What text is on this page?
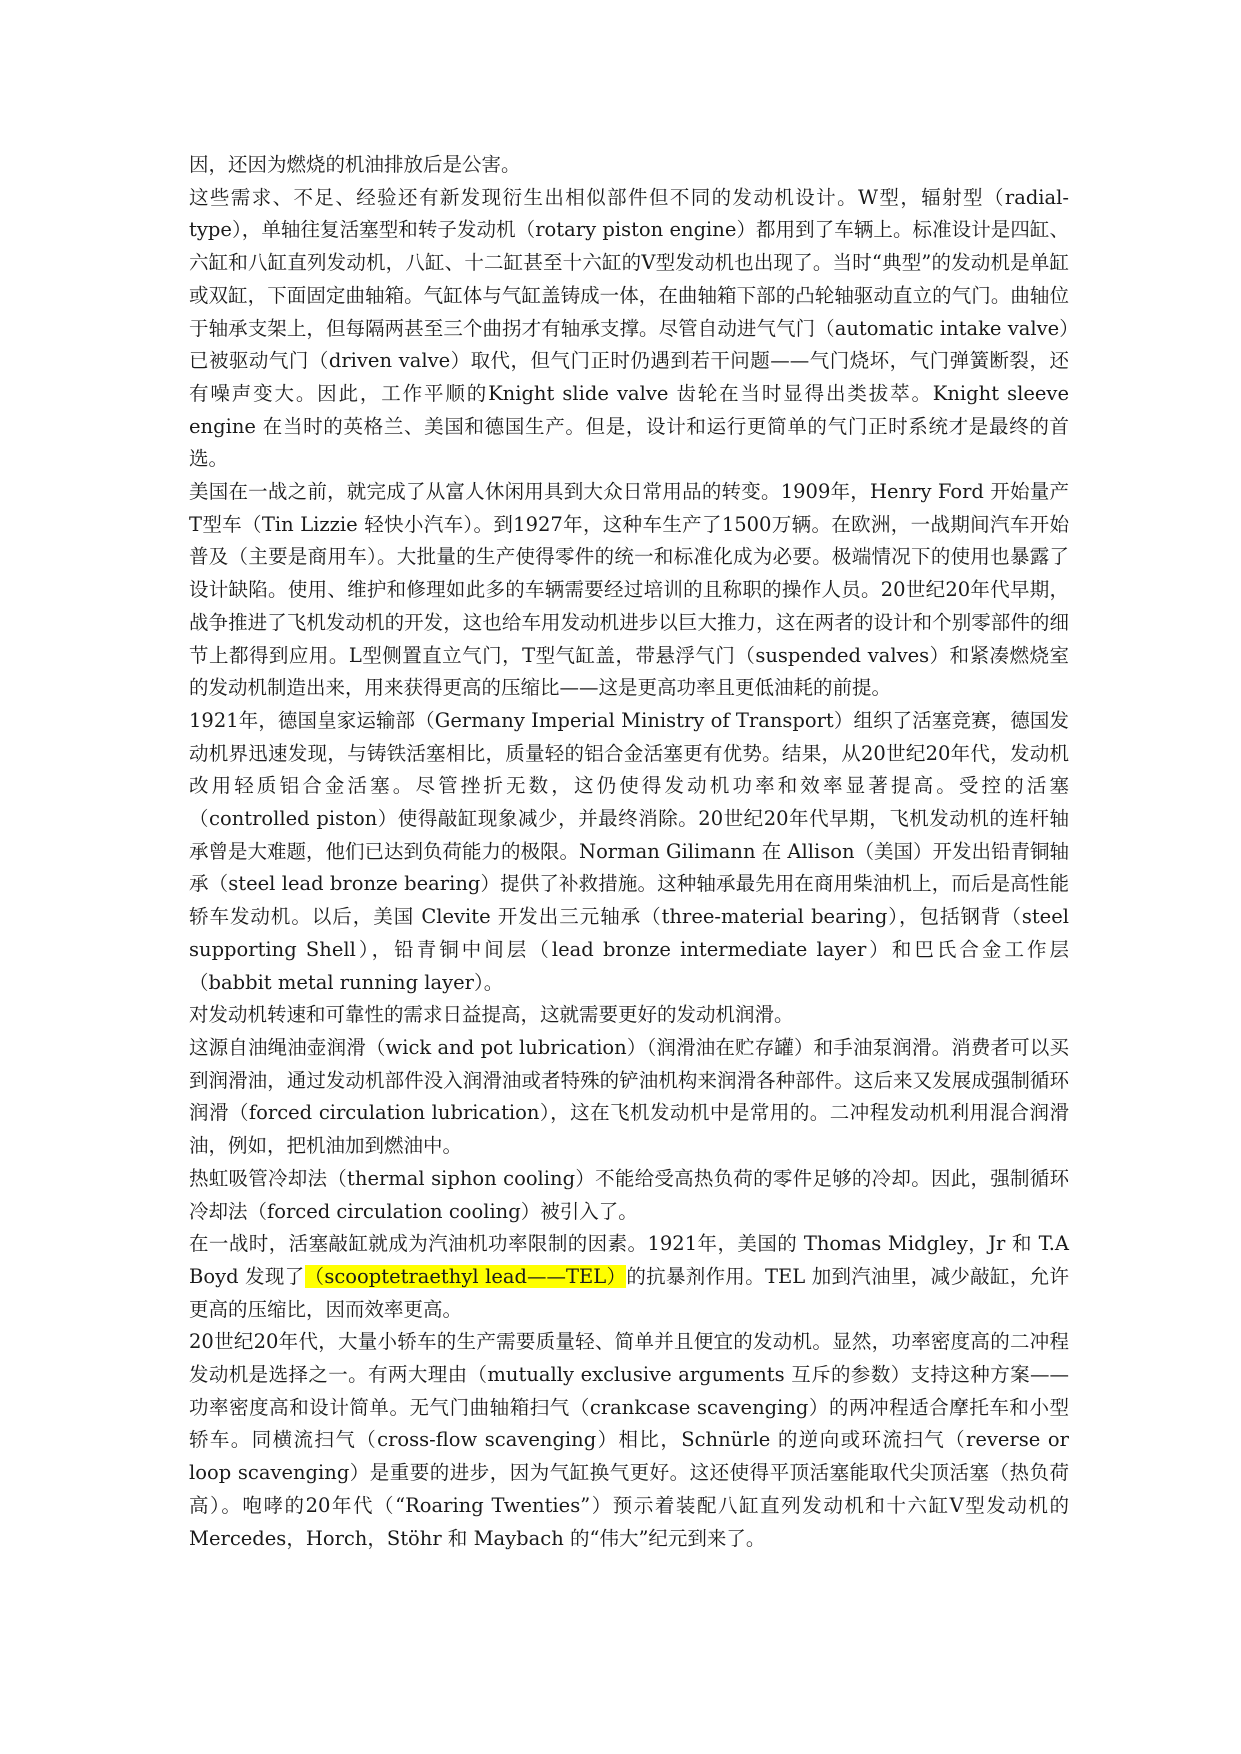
因，还因为燃烧的机油排放后是公害。

这些需求、不足、经验还有新发现衍生出相似部件但不同的发动机设计。W型，辐射型（radial-type），单轴往复活塞型和转子发动机（rotary piston engine）都用到了车辆上。标准设计是四缸、六缸和八缸直列发动机，八缸、十二缸甚至十六缸的V型发动机也出现了。当时“典型”的发动机是单缸或双缸，下面固定曲轴箱。气缸体与气缸盖铸成一体，在曲轴箱下部的凸轮轴驱动直立的气门。曲轴位于轴承支架上，但每隔两甚至三个曲拐才有轴承支撑。尽管自动进气气门（automatic intake valve）已被驱动气门（driven valve）取代，但气门正时仍遇到若干问题——气门烧坏，气门弹簧断裂，还有噪声变大。因此，工作平顺的Knight slide valve 齿轮在当时显得出类拔萃。Knight sleeve engine 在当时的英格兰、美国和德国生产。但是，设计和运行更简单的气门正时系统才是最终的首选。

美国在一战之前，就完成了从富人休闲用具到大众日常用品的转变。1909年，Henry Ford 开始量产T型车（Tin Lizzie 轻快小汽车）。到1927年，这种车生产了1500万辆。在欧洲，一战期间汽车开始普及（主要是商用车）。大批量的生产使得零件的统一和标准化成为必要。极端情况下的使用也暴露了设计缺陷。使用、维护和修理如此多的车辆需要经过培训的且称职的操作人员。20世纪20年代早期，战争推进了飞机发动机的开发，这也给车用发动机进步以巨大推力，这在两者的设计和个别零部件的细节上都得到应用。L型侧置直立气门，T型气缸盖，带悬浮气门（suspended valves）和紧凑燃烧室的发动机制造出来，用来获得更高的压缩比——这是更高功率且更低油耗的前提。

1921年，德国皇家运输部（Germany Imperial Ministry of Transport）组织了活塞竞赛，德国发动机界迅速发现，与铸铁活塞相比，质量轻的铝合金活塞更有优势。结果，从20世纪20年代，发动机改用轻质铝合金活塞。尽管挫折无数，这仍使得发动机功率和效率显著提高。受控的活塞（controlled piston）使得敲缸现象减少，并最终消除。20世纪20年代早期，飞机发动机的连杆轴承曾是大难题，他们已达到负荷能力的极限。Norman Gilimann 在 Allison（美国）开发出铅青铜轴承（steel lead bronze bearing）提供了补救措施。这种轴承最先用在商用柴油机上，而后是高性能轿车发动机。以后，美国 Clevite 开发出三元轴承（three-material bearing），包括钢背（steel supporting Shell），铅青铜中间层（lead bronze intermediate layer）和巴氏合金工作层（babbit metal running layer）。

对发动机转速和可靠性的需求日益提高，这就需要更好的发动机润滑。

这源自油绳油壶润滑（wick and pot lubrication）（润滑油在贮存罐）和手油泵润滑。消费者可以买到润滑油，通过发动机部件没入润滑油或者特殊的铲油机构来润滑各种部件。这后来又发展成强制循环润滑（forced circulation lubrication），这在飞机发动机中是常用的。二冲程发动机利用混合润滑油，例如，把机油加到燃油中。

热虹吸管冷却法（thermal siphon cooling）不能给受高热负荷的零件足够的冷却。因此，强制循环冷却法（forced circulation cooling）被引入了。

在一战时，活塞敲缸就成为汽油机功率限制的因素。1921年，美国的 Thomas Midgley，Jr 和 T.A Boyd 发现了（scooptetraethyl lead——TEL）的抗暴剂作用。TEL 加到汽油里，减少敲缸，允许更高的压缩比，因而效率更高。

20世纪20年代，大量小轿车的生产需要质量轻、简单并且便宜的发动机。显然，功率密度高的二冲程发动机是选择之一。有两大理由（mutually exclusive arguments 互斥的参数）支持这种方案——功率密度高和设计简单。无气门曲轴箱扫气（crankcase scavenging）的两冲程适合摩托车和小型轿车。同横流扫气（cross-flow scavenging）相比，Schnürle 的逆向或环流扫气（reverse or loop scavenging）是重要的进步，因为气缸换气更好。这还使得平顶活塞能取代尖顶活塞（热负荷高）。咆哮的20年代（“Roaring Twenties”）预示着装配八缸直列发动机和十六缸V型发动机的 Mercedes，Horch，Stöhr 和 Maybach 的“伟大”纪元到来了。
